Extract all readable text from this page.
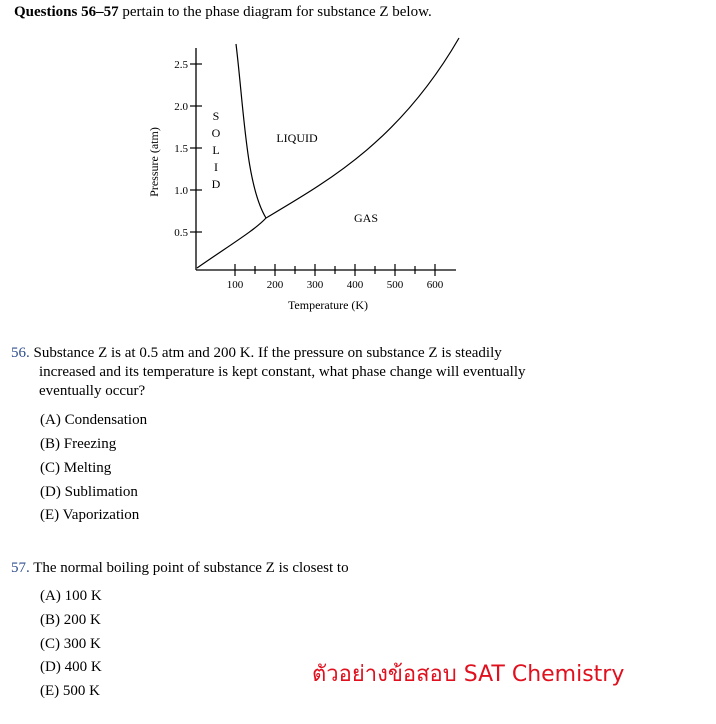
Questions 56–57 pertain to the phase diagram for substance Z below.
2.5
2.0
1.5
1.0
0.5
100 200 300 400 500 600
Temperature (K)
Pressure (atm)
S
O
L
I
D
LIQUID
GAS
56. Substance Z is at 0.5 atm and 200 K. If the pressure on substance Z is steadily
increased and its temperature is kept constant, what phase change will eventually
eventually occur?
(A) Condensation
(B) Freezing
(C) Melting
(D) Sublimation
(E) Vaporization
57. The normal boiling point of substance Z is closest to
(A) 100 K
(B) 200 K
(C) 300 K
(D) 400 K
(E) 500 K
ตัวอย่างข้อสอบ SAT Chemistry
